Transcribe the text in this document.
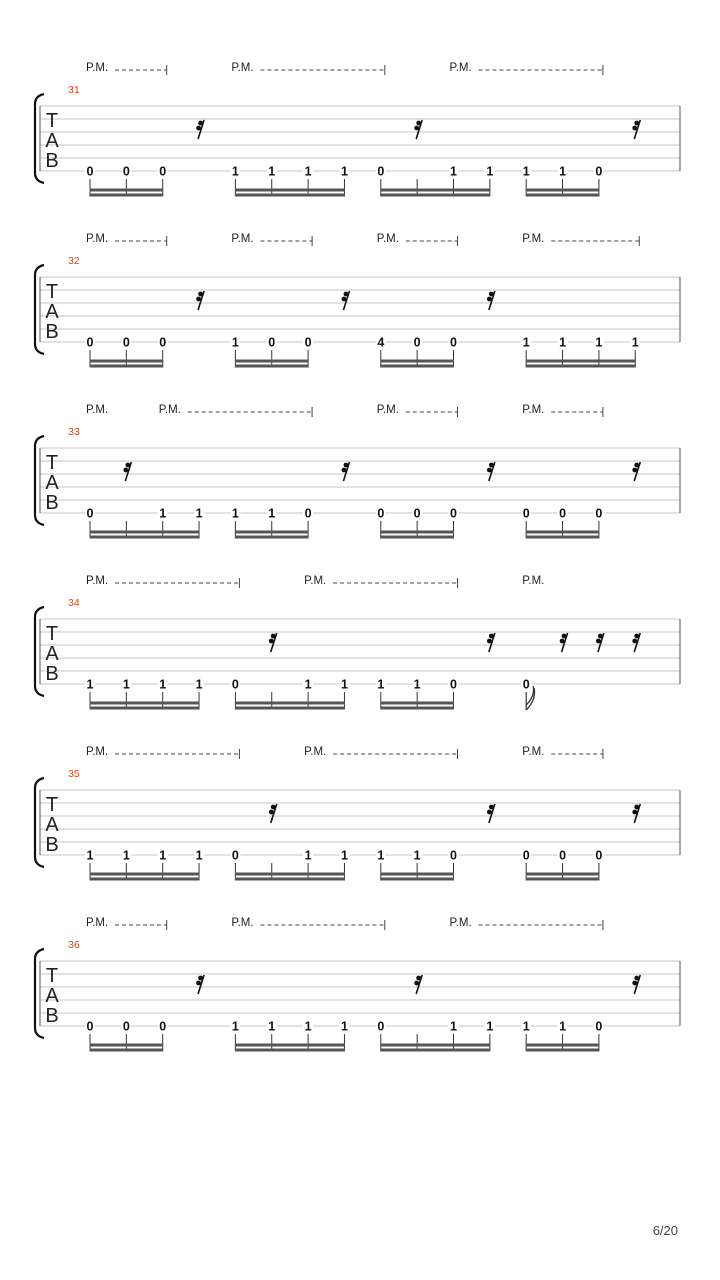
P.M.	P.M.	P.M.
31
T
A
B 0 0 0	1 1 1 1 0	1 1 1 1 0
P.M.	P.M.	P.M.	P.M.
32
T
A
B 0 0 0	1 0 0	4 0 0	1 1 1 1
P.M.	P.M.	P.M.	P.M.
33
T
A
B 0	1 1 1 1 0	0 0 0	0 0 0
P.M.	P.M.	P.M.
34
T
A
B 1 1 1 1 0	1 1 1 1 0	0
P.M.	P.M.	P.M.
35
T
A
B 1 1 1 1 0	1 1 1 1 0	0 0 0
P.M.	P.M.	P.M.
36
T
A
B 0 0 0	1 1 1 1 0	1 1 1 1 0
6/20
